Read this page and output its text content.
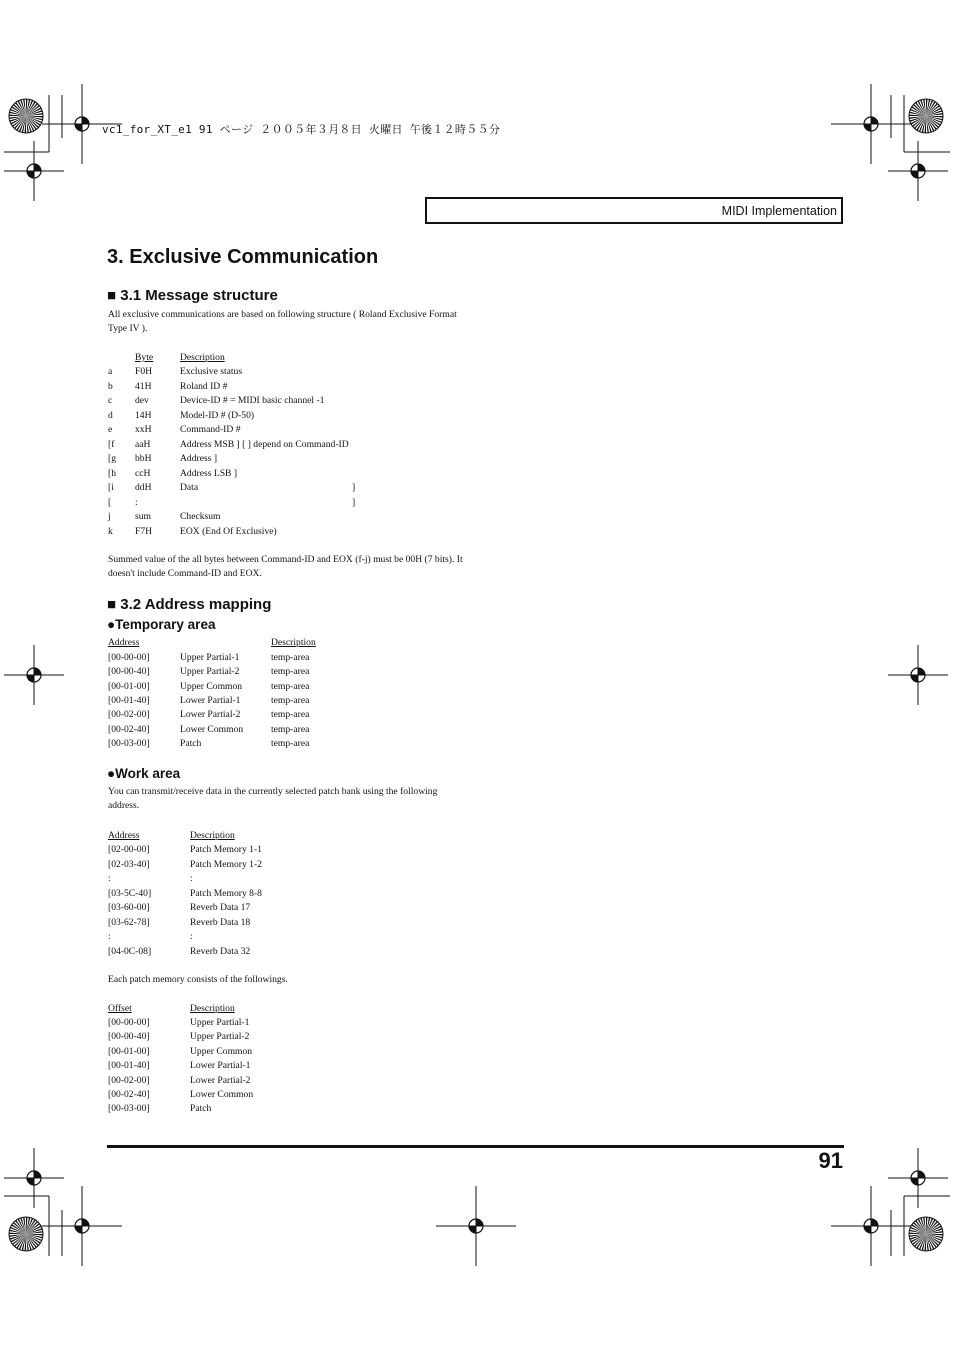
vc1_for_XT_e1 91 ページ ２００５年３月８日 火曜日 午後１２時５５分
MIDI Implementation
3. Exclusive Communication
■ 3.1 Message structure
All exclusive communications are based on following structure ( Roland Exclusive Format Type IV ).
Byte	Description
a F0H	Exclusive status
b 41H	Roland ID #
c dev	Device-ID # = MIDI basic channel -1
d 14H	Model-ID # (D-50)
e xxH	Command-ID #
[f aaH	Address MSB ] [ ] depend on Command-ID
[g bbH	Address ]
[h ccH	Address LSB ]
[i ddH	Data	]
[ :	]
j	sum	Checksum
k F7H	EOX (End Of Exclusive)
Summed value of the all bytes between Command-ID and EOX (f-j) must be 00H (7 bits). It doesn't include Command-ID and EOX.
■ 3.2 Address mapping
●Temporary area
Address	Description
[00-00-00]	Upper Partial-1	temp-area
[00-00-40]	Upper Partial-2	temp-area
[00-01-00]	Upper Common	temp-area
[00-01-40]	Lower Partial-1	temp-area
[00-02-00]	Lower Partial-2	temp-area
[00-02-40]	Lower Common	temp-area
[00-03-00]	Patch	temp-area
●Work area
You can transmit/receive data in the currently selected patch bank using the following address.
Address	Description
[02-00-00]	Patch Memory 1-1
[02-03-40]	Patch Memory 1-2
:	:
[03-5C-40]	Patch Memory 8-8
[03-60-00]	Reverb Data 17
[03-62-78]	Reverb Data 18
:	:
[04-0C-08]	Reverb Data 32
Each patch memory consists of the followings.
Offset	Description
[00-00-00]	Upper Partial-1
[00-00-40]	Upper Partial-2
[00-01-00]	Upper Common
[00-01-40]	Lower Partial-1
[00-02-00]	Lower Partial-2
[00-02-40]	Lower Common
[00-03-00]	Patch
91
